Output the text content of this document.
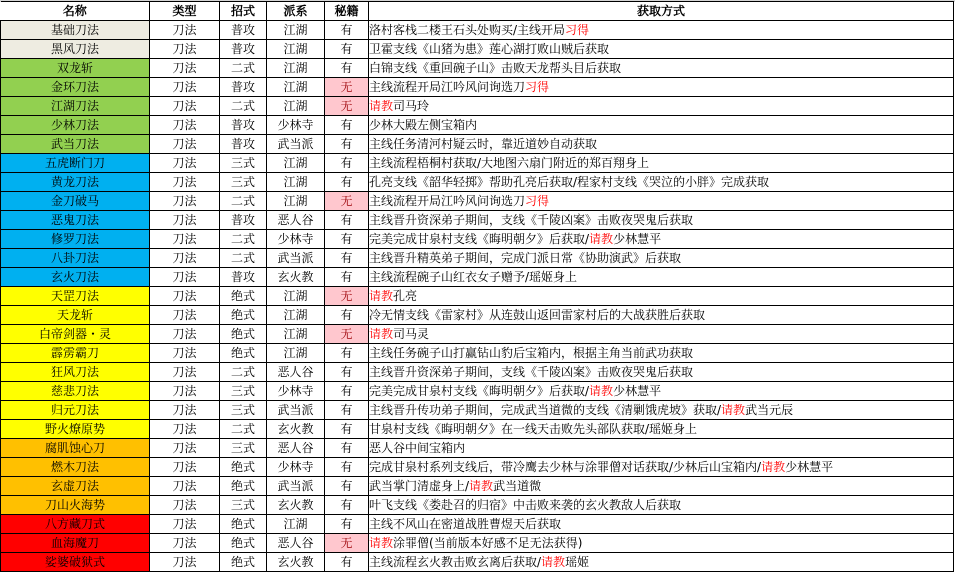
名称	类型	招式	派系	秘籍	获取方式
基础刀法	刀法	普攻	江湖	有	洛村客栈二楼王石头处购买/主线开局习得
黑风刀法	刀法	普攻	江湖	有	卫霍支线《山猪为患》莲心湖打败山贼后获取
双龙斩	刀法	二式	江湖	有	白锦支线《重回碗子山》击败天龙帮头目后获取
金环刀法	刀法	普攻	江湖	无	主线流程开局江吟风问询选刀习得
江湖刀法	刀法	二式	江湖	无	请教司马玲
少林刀法	刀法	普攻	少林寺	有	少林大殿左侧宝箱内
武当刀法	刀法	普攻	武当派	有	主线任务清河村疑云时，靠近道妙自动获取
五虎断门刀	刀法	三式	江湖	有	主线流程梧桐村获取/大地图六扇门附近的郑百翔身上
黄龙刀法	刀法	三式	江湖	有	孔亮支线《韶华轻掷》帮助孔亮后获取/程家村支线《哭泣的小胖》完成获取
金刀破马	刀法	二式	江湖	无	主线流程开局江吟风问询选刀习得
恶鬼刀法	刀法	普攻	恶人谷	有	主线晋升资深弟子期间，支线《千陵凶案》击败夜哭鬼后获取
修罗刀法	刀法	二式	少林寺	有	完美完成甘泉村支线《晦明朝夕》后获取/请教少林慧平
八卦刀法	刀法	二式	武当派	有	主线晋升精英弟子期间，完成门派日常《协助演武》后获取
玄火刀法	刀法	普攻	玄火教	有	主线流程碗子山红衣女子赠予/瑶姬身上
天罡刀法	刀法	绝式	江湖	无	请教孔亮
天龙斩	刀法	绝式	江湖	有	冷无情支线《雷家村》从连鼓山返回雷家村后的大战获胜后获取
白帝剑器・灵	刀法	绝式	江湖	无	请教司马灵
霹雳霸刀	刀法	绝式	江湖	有	主线任务碗子山打赢钻山豹后宝箱内，根据主角当前武功获取
狂风刀法	刀法	二式	恶人谷	有	主线晋升资深弟子期间，支线《千陵凶案》击败夜哭鬼后获取
慈悲刀法	刀法	三式	少林寺	有	完美完成甘泉村支线《晦明朝夕》后获取/请教少林慧平
归元刀法	刀法	三式	武当派	有	主线晋升传功弟子期间，完成武当道微的支线《清剿饿虎坡》获取/请教武当元辰
野火燎原势	刀法	二式	玄火教	有	甘泉村支线《晦明朝夕》在一线天击败先头部队获取/瑶姬身上
腐肌蚀心刀	刀法	三式	恶人谷	有	恶人谷中间宝箱内
燃木刀法	刀法	绝式	少林寺	有	完成甘泉村系列支线后，带冷鹰去少林与涂罪僧对话获取/少林后山宝箱内/请教少林慧平
玄虚刀法	刀法	绝式	武当派	有	武当掌门清虚身上/请教武当道微
刀山火海势	刀法	三式	玄火教	有	叶飞支线《娄赴召的归宿》中击败来袭的玄火教敌人后获取
八方藏刀式	刀法	绝式	江湖	有	主线不风山在密道战胜曹煜天后获取
血海魔刀	刀法	绝式	恶人谷	无	请教涂罪僧(当前版本好感不足无法获得)
娑婆破狱式	刀法	绝式	玄火教	有	主线流程玄火教击败玄离后获取/请教瑶姬
